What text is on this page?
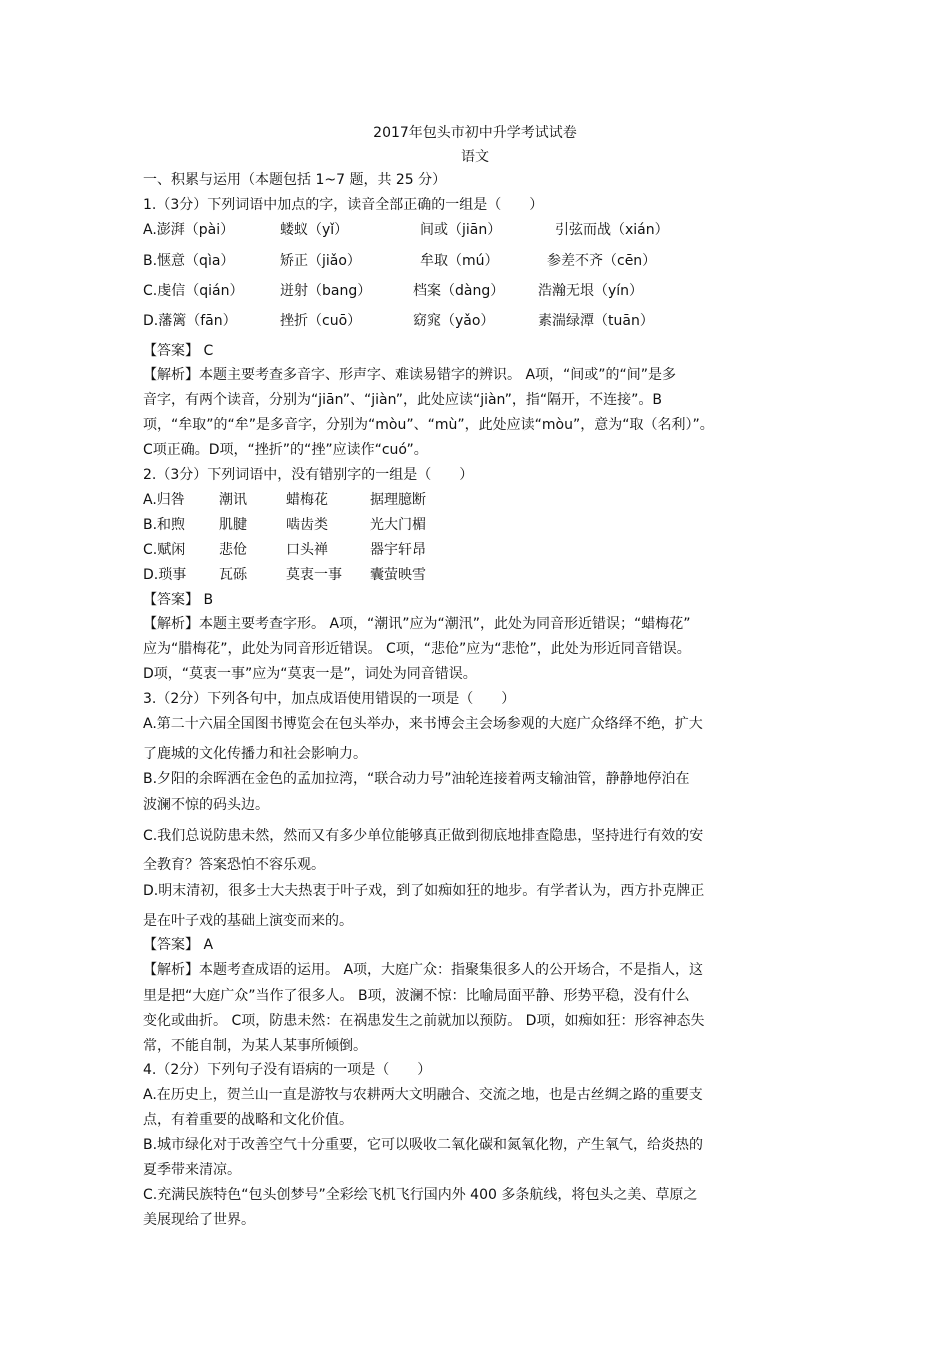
2017年包头市初中升学考试试卷
语文
一、积累与运用（本题包括 1~7 题，共 25 分）
1.（3分）下列词语中加点的字，读音全部正确的一组是（　　）
A.澎湃（pài）	蝼蚁（yǐ）	间或（jiān）	引弦而战（xián）
B.惬意（qìa）	矫正（jiǎo）	牟取（mú）	参差不齐（cēn）
C.虔信（qián）	迸射（bang）	档案（dàng） 浩瀚无垠（yín）
D.藩篱（fān）	挫折（cuō）	窈窕（yǎo）	素湍绿潭（tuān）
【答案】 C
【解析】本题主要考查多音字、形声字、难读易错字的辨识。 A项，“间或”的“间”是多
音字，有两个读音，分别为“jiān”、“jiàn”，此处应读“jiàn”，指“隔开，不连接”。B
项，“牟取”的“牟”是多音字，分别为“mòu”、“mù”，此处应读“mòu”，意为“取（名利）”。
C项正确。D项，“挫折”的“挫”应读作“cuó”。
2.（3分）下列词语中，没有错别字的一组是（　　）
A.归咎 潮讯	蜡梅花	据理臆断
B.和煦 肌腱	啮齿类	光大门楣
C.赋闲 悲伧	口头禅	器宇轩昂
D.琐事 瓦砾	莫衷一事 囊萤映雪
【答案】 B
【解析】本题主要考查字形。 A项，“潮讯”应为“潮汛”，此处为同音形近错误；“蜡梅花”
应为“腊梅花”，此处为同音形近错误。 C项，“悲伧”应为“悲怆”，此处为形近同音错误。
D项，“莫衷一事”应为“莫衷一是”，词处为同音错误。
3.（2分）下列各句中，加点成语使用错误的一项是（　　）
A.第二十六届全国图书博览会在包头举办，来书博会主会场参观的大庭广众络绎不绝，扩大
了鹿城的文化传播力和社会影响力。
B.夕阳的余晖洒在金色的孟加拉湾，“联合动力号”油轮连接着两支输油管，静静地停泊在
波澜不惊的码头边。
C.我们总说防患未然，然而又有多少单位能够真正做到彻底地排查隐患，坚持进行有效的安
全教育？答案恐怕不容乐观。
D.明末清初，很多士大夫热衷于叶子戏，到了如痴如狂的地步。有学者认为，西方扑克牌正
是在叶子戏的基础上演变而来的。
【答案】 A
【解析】本题考查成语的运用。 A项，大庭广众：指聚集很多人的公开场合，不是指人，这
里是把“大庭广众”当作了很多人。 B项，波澜不惊：比喻局面平静、形势平稳，没有什么
变化或曲折。 C项，防患未然：在祸患发生之前就加以预防。 D项，如痴如狂：形容神态失
常，不能自制，为某人某事所倾倒。
4.（2分）下列句子没有语病的一项是（　　）
A.在历史上，贺兰山一直是游牧与农耕两大文明融合、交流之地，也是古丝绸之路的重要支
点，有着重要的战略和文化价值。
B.城市绿化对于改善空气十分重要，它可以吸收二氧化碳和氮氧化物，产生氧气，给炎热的
夏季带来清凉。
C.充满民族特色“包头创梦号”全彩绘飞机飞行国内外 400 多条航线，将包头之美、草原之
美展现给了世界。
